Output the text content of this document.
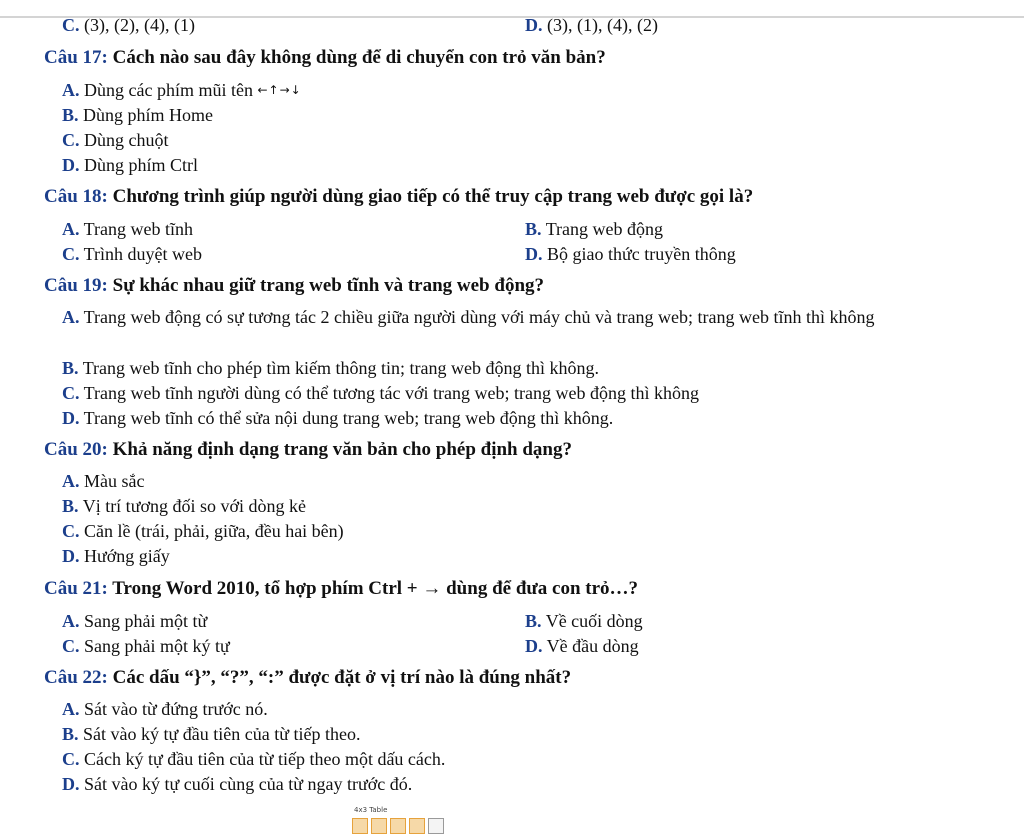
C. (3), (2), (4), (1)	D. (3), (1), (4), (2)
Câu 17: Cách nào sau đây không dùng để di chuyển con trỏ văn bản?
A. Dùng các phím mũi tên ←↑→↓
B. Dùng phím Home
C. Dùng chuột
D. Dùng phím Ctrl
Câu 18: Chương trình giúp người dùng giao tiếp có thể truy cập trang web được gọi là?
A. Trang web tĩnh	B. Trang web động
C. Trình duyệt web	D. Bộ giao thức truyền thông
Câu 19: Sự khác nhau giữ trang web tĩnh và trang web động?
A. Trang web động có sự tương tác 2 chiều giữa người dùng với máy chủ và trang web; trang web tĩnh thì không
B. Trang web tĩnh cho phép tìm kiếm thông tin; trang web động thì không.
C. Trang web tĩnh người dùng có thể tương tác với trang web; trang web động thì không
D. Trang web tĩnh có thể sửa nội dung trang web; trang web động thì không.
Câu 20: Khả năng định dạng trang văn bản cho phép định dạng?
A. Màu sắc
B. Vị trí tương đối so với dòng kẻ
C. Căn lề (trái, phải, giữa, đều hai bên)
D. Hướng giấy
Câu 21: Trong Word 2010, tổ hợp phím Ctrl + → dùng để đưa con trỏ…?
A. Sang phải một từ	B. Về cuối dòng
C. Sang phải một ký tự	D. Về đầu dòng
Câu 22: Các dấu “}”, “?”, “:” được đặt ở vị trí nào là đúng nhất?
A. Sát vào từ đứng trước nó.
B. Sát vào ký tự đầu tiên của từ tiếp theo.
C. Cách ký tự đầu tiên của từ tiếp theo một dấu cách.
D. Sát vào ký tự cuối cùng của từ ngay trước đó.
4x3 Table
